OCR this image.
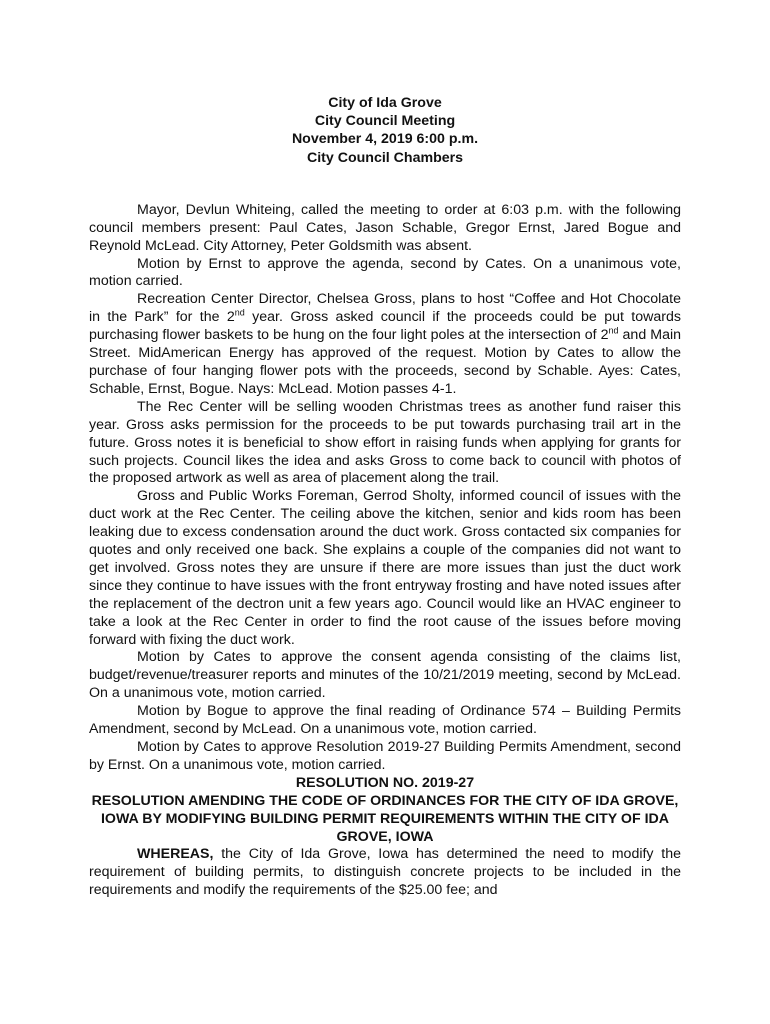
City of Ida Grove
City Council Meeting
November 4, 2019 6:00 p.m.
City Council Chambers

Mayor, Devlun Whiteing, called the meeting to order at 6:03 p.m. with the following council members present: Paul Cates, Jason Schable, Gregor Ernst, Jared Bogue and Reynold McLead. City Attorney, Peter Goldsmith was absent.

Motion by Ernst to approve the agenda, second by Cates. On a unanimous vote, motion carried.

Recreation Center Director, Chelsea Gross, plans to host “Coffee and Hot Chocolate in the Park” for the 2nd year. Gross asked council if the proceeds could be put towards purchasing flower baskets to be hung on the four light poles at the intersection of 2nd and Main Street. MidAmerican Energy has approved of the request. Motion by Cates to allow the purchase of four hanging flower pots with the proceeds, second by Schable. Ayes: Cates, Schable, Ernst, Bogue. Nays: McLead. Motion passes 4-1.

The Rec Center will be selling wooden Christmas trees as another fund raiser this year. Gross asks permission for the proceeds to be put towards purchasing trail art in the future. Gross notes it is beneficial to show effort in raising funds when applying for grants for such projects. Council likes the idea and asks Gross to come back to council with photos of the proposed artwork as well as area of placement along the trail.

Gross and Public Works Foreman, Gerrod Sholty, informed council of issues with the duct work at the Rec Center. The ceiling above the kitchen, senior and kids room has been leaking due to excess condensation around the duct work. Gross contacted six companies for quotes and only received one back. She explains a couple of the companies did not want to get involved. Gross notes they are unsure if there are more issues than just the duct work since they continue to have issues with the front entryway frosting and have noted issues after the replacement of the dectron unit a few years ago. Council would like an HVAC engineer to take a look at the Rec Center in order to find the root cause of the issues before moving forward with fixing the duct work.

Motion by Cates to approve the consent agenda consisting of the claims list, budget/revenue/treasurer reports and minutes of the 10/21/2019 meeting, second by McLead. On a unanimous vote, motion carried.

Motion by Bogue to approve the final reading of Ordinance 574 – Building Permits Amendment, second by McLead. On a unanimous vote, motion carried.

Motion by Cates to approve Resolution 2019-27 Building Permits Amendment, second by Ernst. On a unanimous vote, motion carried.

RESOLUTION NO. 2019-27
RESOLUTION AMENDING THE CODE OF ORDINANCES FOR THE CITY OF IDA GROVE, IOWA BY MODIFYING BUILDING PERMIT REQUIREMENTS WITHIN THE CITY OF IDA GROVE, IOWA

WHEREAS, the City of Ida Grove, Iowa has determined the need to modify the requirement of building permits, to distinguish concrete projects to be included in the requirements and modify the requirements of the $25.00 fee; and
